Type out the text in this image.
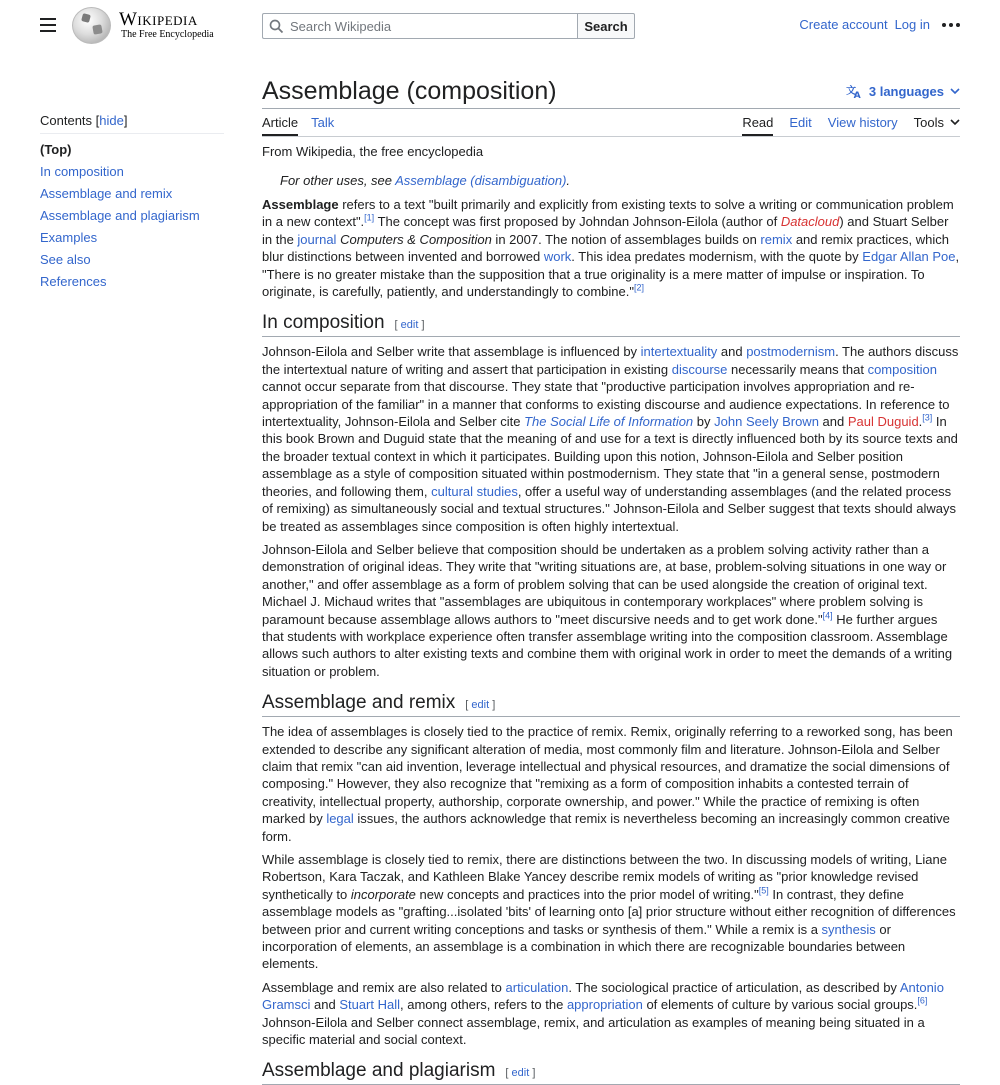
Wikipedia
The Free Encyclopedia
Search Wikipedia
Search	Create account Log in
Contents [hide]
(Top)
In composition
Assemblage and remix
Assemblage and plagiarism
Examples
See also
References
Assemblage (composition)	文
A 3 languages
Article Talk	Read Edit View history Tools
From Wikipedia, the free encyclopedia
For other uses, see Assemblage (disambiguation).

Assemblage refers to a text "built primarily and explicitly from existing texts to solve a writing or communication problem in a new context".[1] The concept was first proposed by Johndan Johnson-Eilola (author of Datacloud) and Stuart Selber in the journal Computers & Composition in 2007. The notion of assemblages builds on remix and remix practices, which blur distinctions between invented and borrowed work. This idea predates modernism, with the quote by Edgar Allan Poe, "There is no greater mistake than the supposition that a true originality is a mere matter of impulse or inspiration. To originate, is carefully, patiently, and understandingly to combine."[2]

In composition [ edit ]

Johnson-Eilola and Selber write that assemblage is influenced by intertextuality and postmodernism. The authors discuss the intertextual nature of writing and assert that participation in existing discourse necessarily means that composition cannot occur separate from that discourse. They state that "productive participation involves appropriation and re-appropriation of the familiar" in a manner that conforms to existing discourse and audience expectations. In reference to intertextuality, Johnson-Eilola and Selber cite The Social Life of Information by John Seely Brown and Paul Duguid.[3] In this book Brown and Duguid state that the meaning of and use for a text is directly influenced both by its source texts and the broader textual context in which it participates. Building upon this notion, Johnson-Eilola and Selber position assemblage as a style of composition situated within postmodernism. They state that "in a general sense, postmodern theories, and following them, cultural studies, offer a useful way of understanding assemblages (and the related process of remixing) as simultaneously social and textual structures." Johnson-Eilola and Selber suggest that texts should always be treated as assemblages since composition is often highly intertextual.

Johnson-Eilola and Selber believe that composition should be undertaken as a problem solving activity rather than a demonstration of original ideas. They write that "writing situations are, at base, problem-solving situations in one way or another," and offer assemblage as a form of problem solving that can be used alongside the creation of original text. Michael J. Michaud writes that "assemblages are ubiquitous in contemporary workplaces" where problem solving is paramount because assemblage allows authors to "meet discursive needs and to get work done."[4] He further argues that students with workplace experience often transfer assemblage writing into the composition classroom. Assemblage allows such authors to alter existing texts and combine them with original work in order to meet the demands of a writing situation or problem.

Assemblage and remix [ edit ]

The idea of assemblages is closely tied to the practice of remix. Remix, originally referring to a reworked song, has been extended to describe any significant alteration of media, most commonly film and literature. Johnson-Eilola and Selber claim that remix "can aid invention, leverage intellectual and physical resources, and dramatize the social dimensions of composing." However, they also recognize that "remixing as a form of composition inhabits a contested terrain of creativity, intellectual property, authorship, corporate ownership, and power." While the practice of remixing is often marked by legal issues, the authors acknowledge that remix is nevertheless becoming an increasingly common creative form.

While assemblage is closely tied to remix, there are distinctions between the two. In discussing models of writing, Liane Robertson, Kara Taczak, and Kathleen Blake Yancey describe remix models of writing as "prior knowledge revised synthetically to incorporate new concepts and practices into the prior model of writing."[5] In contrast, they define assemblage models as "grafting...isolated 'bits' of learning onto [a] prior structure without either recognition of differences between prior and current writing conceptions and tasks or synthesis of them." While a remix is a synthesis or incorporation of elements, an assemblage is a combination in which there are recognizable boundaries between elements.

Assemblage and remix are also related to articulation. The sociological practice of articulation, as described by Antonio Gramsci and Stuart Hall, among others, refers to the appropriation of elements of culture by various social groups.[6] Johnson-Eilola and Selber connect assemblage, remix, and articulation as examples of meaning being situated in a specific material and social context.

Assemblage and plagiarism [ edit ]
